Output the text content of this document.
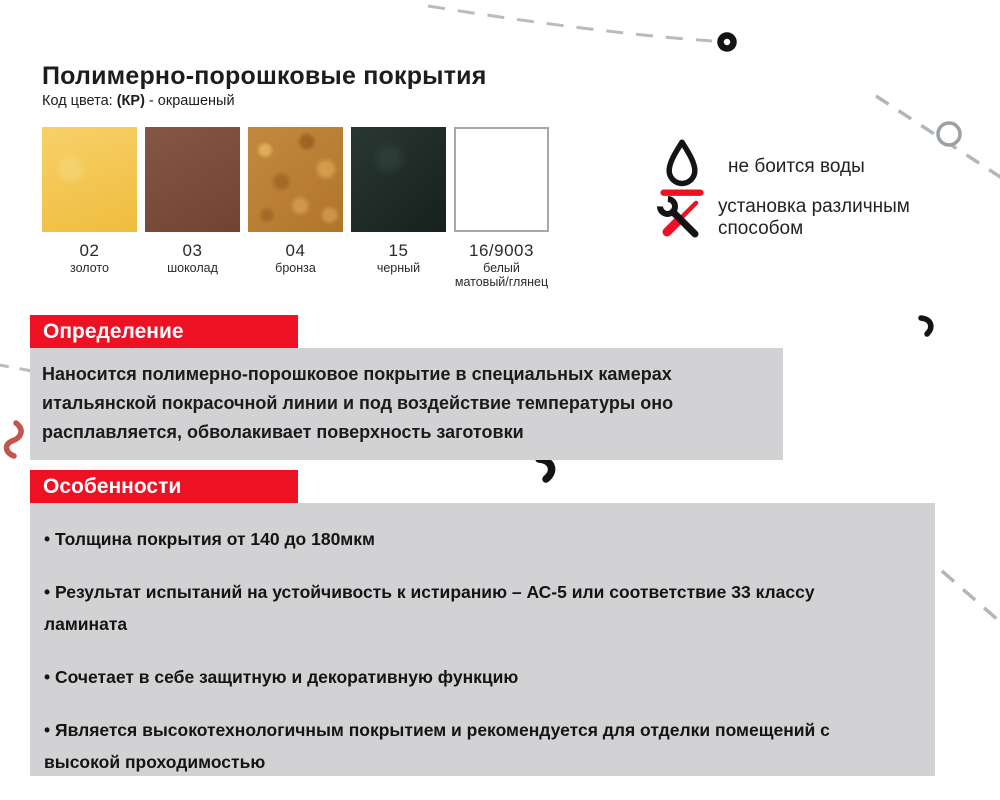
Полимерно-порошковые покрытия

Код цвета: (КР) - окрашеный

02
золото
03
шоколад
04
бронза
15
черный
16/9003
белый
матовый/глянец
не боится воды
установка различным способом
Определение
Наносится полимерно-порошковое покрытие в специальных камерах итальянской покрасочной линии и под воздействие температуры оно расплавляется, обволакивает поверхность заготовки
Особенности
• Толщина покрытия от 140 до 180мкм
• Результат испытаний на устойчивость к истиранию – АС-5 или соответствие 33 классу ламината
• Сочетает в себе защитную и декоративную функцию
• Является высокотехнологичным покрытием и рекомендуется для отделки помещений с высокой проходимостью
